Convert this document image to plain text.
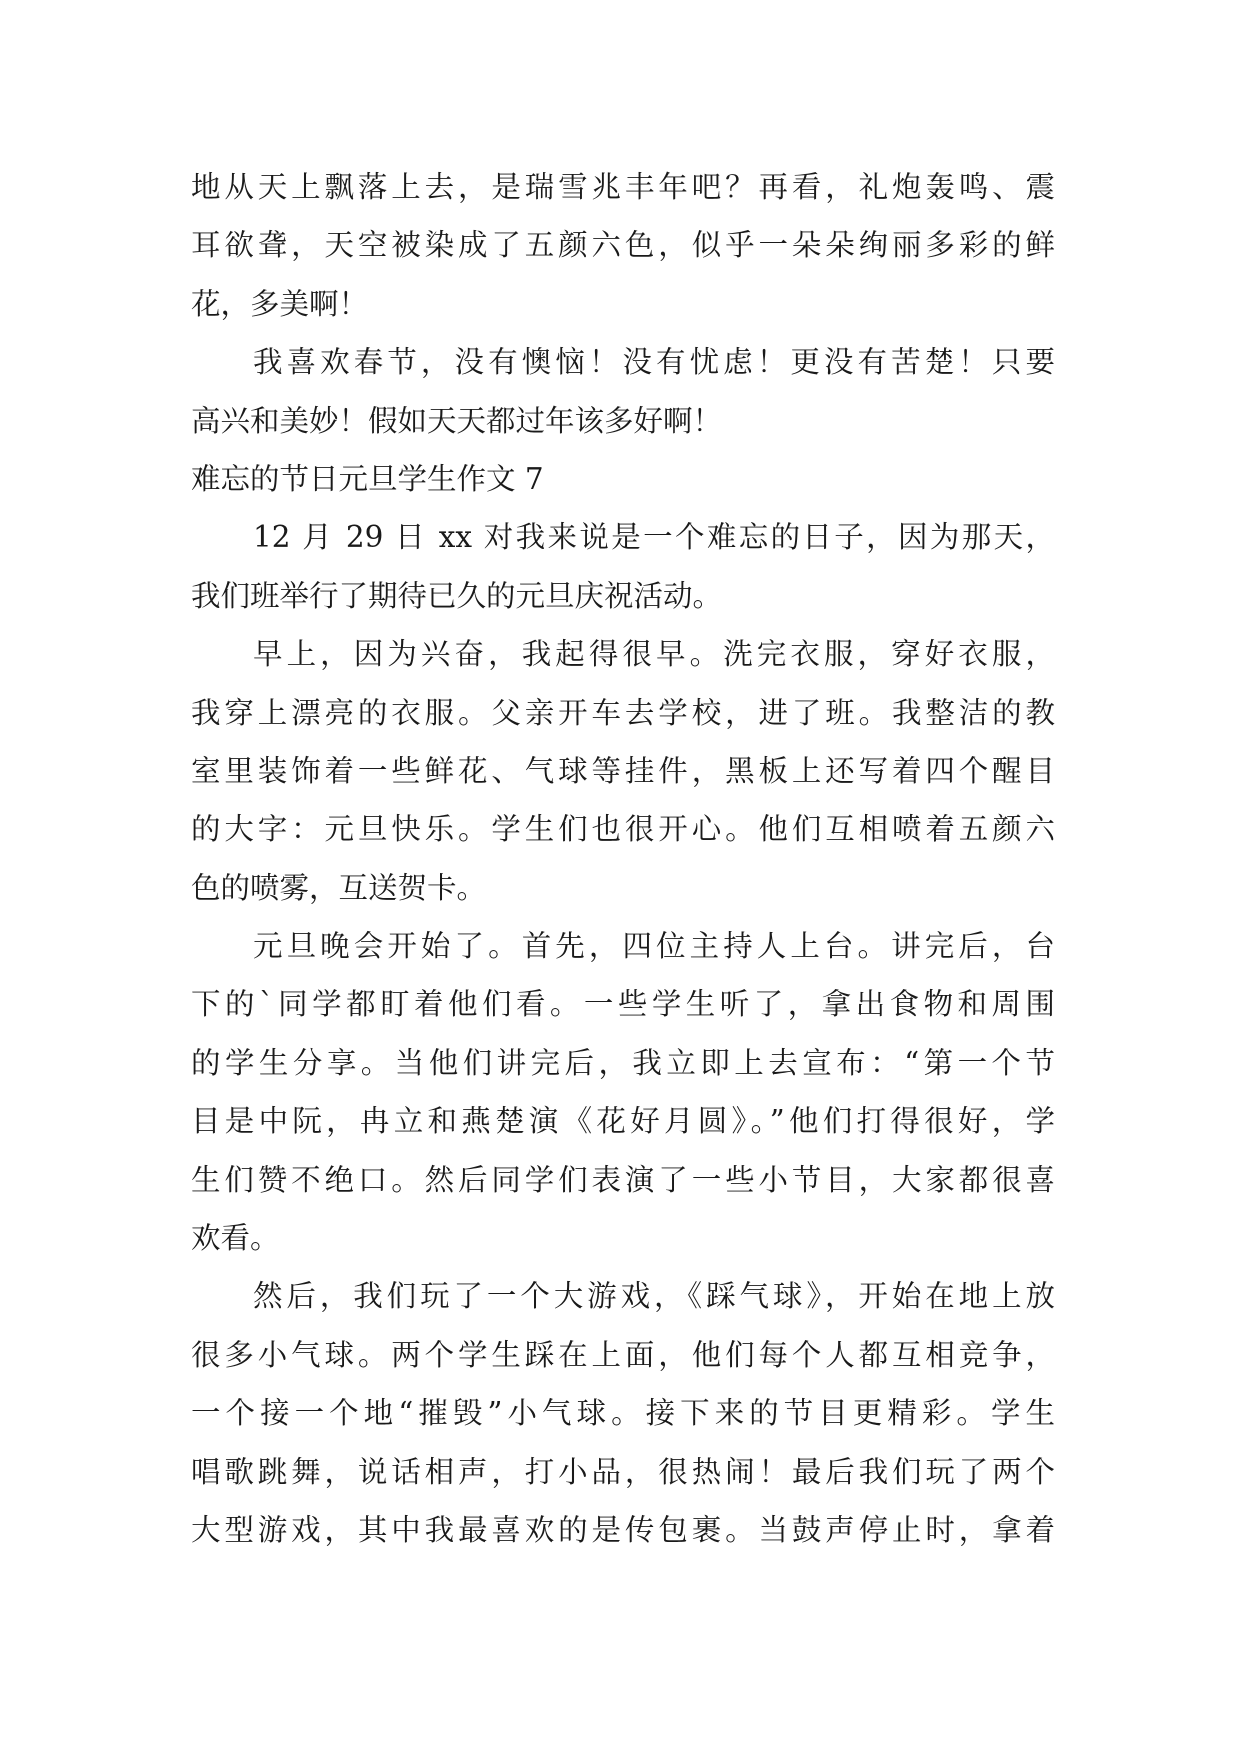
地从天上飘落上去，是瑞雪兆丰年吧？再看，礼炮轰鸣、震
耳欲聋，天空被染成了五颜六色，似乎一朵朵绚丽多彩的鲜
花，多美啊！
我喜欢春节，没有懊恼！没有忧虑！更没有苦楚！只要
高兴和美妙！假如天天都过年该多好啊！
难忘的节日元旦学生作文 7
12 月 29 日 xx 对我来说是一个难忘的日子，因为那天，
我们班举行了期待已久的元旦庆祝活动。
早上，因为兴奋，我起得很早。洗完衣服，穿好衣服，
我穿上漂亮的衣服。父亲开车去学校，进了班。我整洁的教
室里装饰着一些鲜花、气球等挂件，黑板上还写着四个醒目
的大字：元旦快乐。学生们也很开心。他们互相喷着五颜六
色的喷雾，互送贺卡。
元旦晚会开始了。首先，四位主持人上台。讲完后，台
下的`同学都盯着他们看。一些学生听了，拿出食物和周围
的学生分享。当他们讲完后，我立即上去宣布：“第一个节
目是中阮，冉立和燕楚演《花好月圆》。”他们打得很好，学
生们赞不绝口。然后同学们表演了一些小节目，大家都很喜
欢看。
然后，我们玩了一个大游戏，《踩气球》，开始在地上放
很多小气球。两个学生踩在上面，他们每个人都互相竞争，
一个接一个地“摧毁”小气球。接下来的节目更精彩。学生
唱歌跳舞，说话相声，打小品，很热闹！最后我们玩了两个
大型游戏，其中我最喜欢的是传包裹。当鼓声停止时，拿着
